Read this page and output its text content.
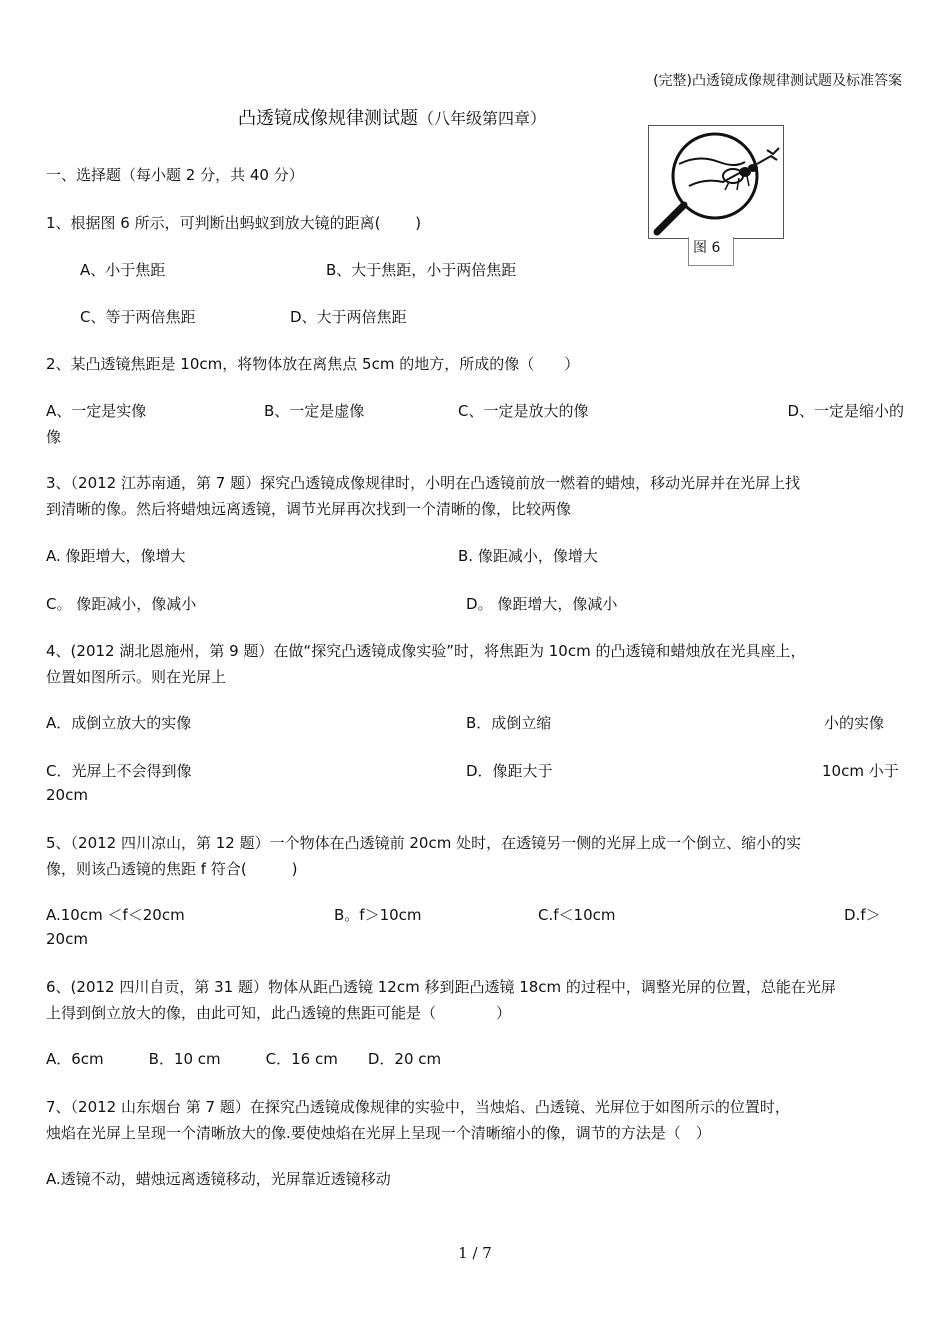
(完整)凸透镜成像规律测试题及标准答案
凸透镜成像规律测试题（八年级第四章）
图 6
一、选择题（每小题 2 分，共 40 分）
1、根据图 6 所示，可判断出蚂蚁到放大镜的距离(　　 )
A、小于焦距	B、大于焦距，小于两倍焦距
C、等于两倍焦距	D、大于两倍焦距
2、某凸透镜焦距是 10cm，将物体放在离焦点 5cm 的地方，所成的像（　　）
A、一定是实像	B、一定是虚像	C、一定是放大的像	D、一定是缩小的
像
3、（2012 江苏南通，第 7 题）探究凸透镜成像规律时，小明在凸透镜前放一燃着的蜡烛，移动光屏并在光屏上找
到清晰的像。然后将蜡烛远离透镜，调节光屏再次找到一个清晰的像，比较两像
A. 像距增大，像增大	B. 像距减小，像增大
C。 像距减小，像减小	D。 像距增大，像减小
4、(2012 湖北恩施州，第 9 题）在做“探究凸透镜成像实验”时，将焦距为 10cm 的凸透镜和蜡烛放在光具座上，
位置如图所示。则在光屏上
A．成倒立放大的实像	B．成倒立缩	小的实像
C．光屏上不会得到像	D．像距大于	10cm 小于
20cm
5、（2012 四川凉山，第 12 题）一个物体在凸透镜前 20cm 处时，在透镜另一侧的光屏上成一个倒立、缩小的实
像，则该凸透镜的焦距 f 符合(　　　)
A.10cm ＜f＜20cm	B。f＞10cm	C.f＜10cm	D.f＞
20cm
6、(2012 四川自贡，第 31 题）物体从距凸透镜 12cm 移到距凸透镜 18cm 的过程中，调整光屏的位置，总能在光屏
上得到倒立放大的像，由此可知，此凸透镜的焦距可能是（　　　　）
A．6cm　　　B．10 cm　　　C．16 cm　　D．20 cm
7、（2012 山东烟台 第 7 题）在探究凸透镜成像规律的实验中，当烛焰、凸透镜、光屏位于如图所示的位置时，
烛焰在光屏上呈现一个清晰放大的像.要使烛焰在光屏上呈现一个清晰缩小的像，调节的方法是（　）
A.透镜不动，蜡烛远离透镜移动，光屏靠近透镜移动
1 / 7
